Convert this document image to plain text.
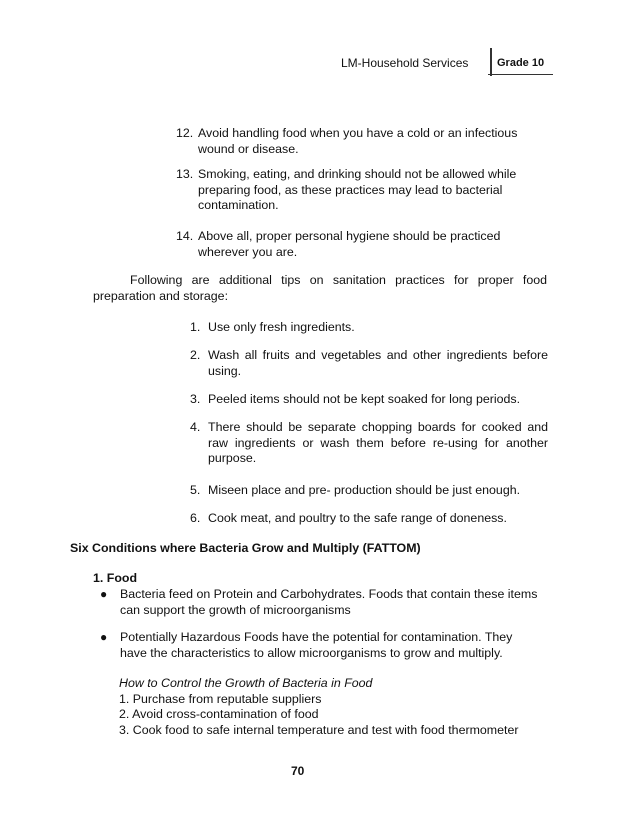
LM-Household Services	Grade 10
12. Avoid handling food when you have a cold or an infectious wound or disease.
13. Smoking, eating, and drinking should not be allowed while preparing food, as these practices may lead to bacterial contamination.
14. Above all, proper personal hygiene should be practiced wherever you are.
Following are additional tips on sanitation practices for proper food preparation and storage:
1. Use only fresh ingredients.
2. Wash all fruits and vegetables and other ingredients before using.
3. Peeled items should not be kept soaked for long periods.
4. There should be separate chopping boards for cooked and raw ingredients or wash them before re-using for another purpose.
5. Miseen place and pre- production should be just enough.
6. Cook meat, and poultry to the safe range of doneness.
Six Conditions where Bacteria Grow and Multiply (FATTOM)
1. Food
● Bacteria feed on Protein and Carbohydrates. Foods that contain these items can support the growth of microorganisms
● Potentially Hazardous Foods have the potential for contamination. They have the characteristics to allow microorganisms to grow and multiply.
How to Control the Growth of Bacteria in Food
1. Purchase from reputable suppliers
2. Avoid cross-contamination of food
3. Cook food to safe internal temperature and test with food thermometer
70
